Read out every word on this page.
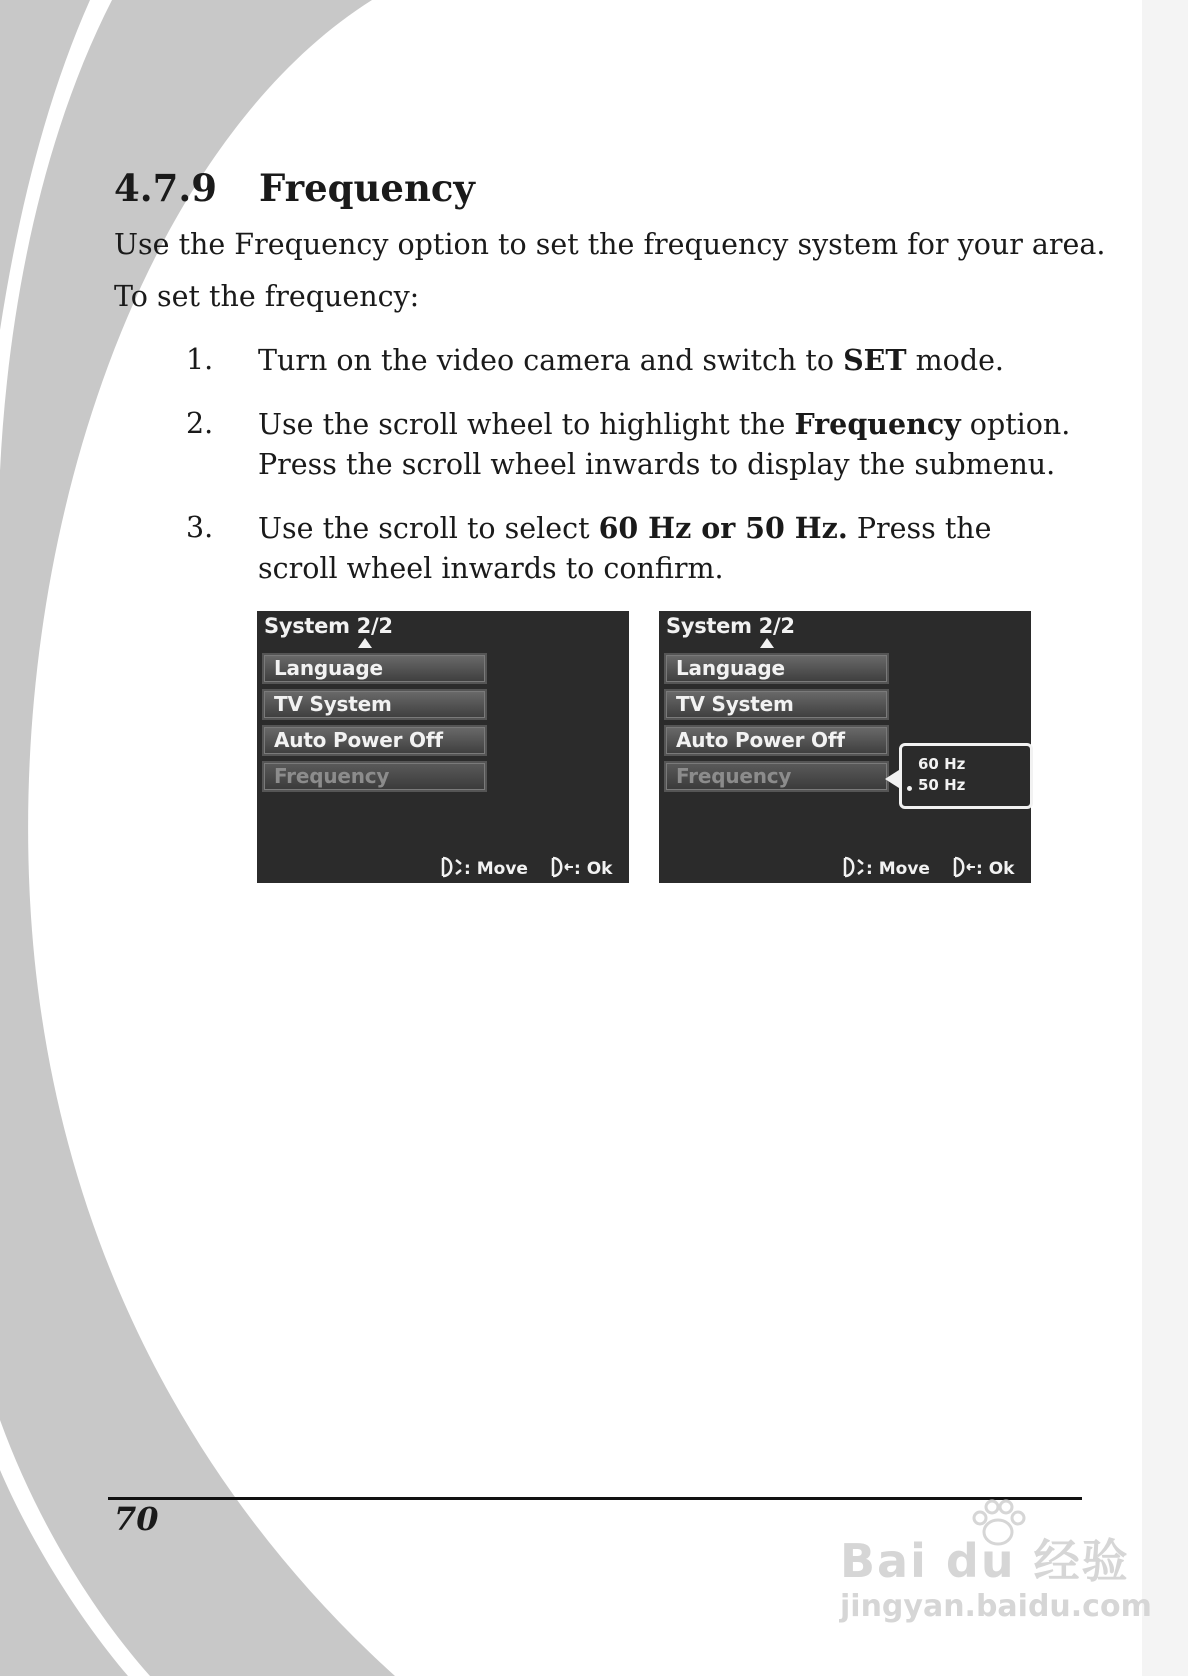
4.7.9 Frequency
Use the Frequency option to set the frequency system for your area.
To set the frequency:
1. Turn on the video camera and switch to SET mode.
2. Use the scroll wheel to highlight the Frequency option. Press the scroll wheel inwards to display the submenu.
3. Use the scroll to select 60 Hz or 50 Hz. Press the scroll wheel inwards to confirm.
System 2/2
Language
TV System
Auto Power Off
Frequency
: Move	: Ok
System 2/2
Language
TV System
Auto Power Off
Frequency	60 Hz
50 Hz
: Move	: Ok
70
Bai du 经验
jingyan.baidu.com
